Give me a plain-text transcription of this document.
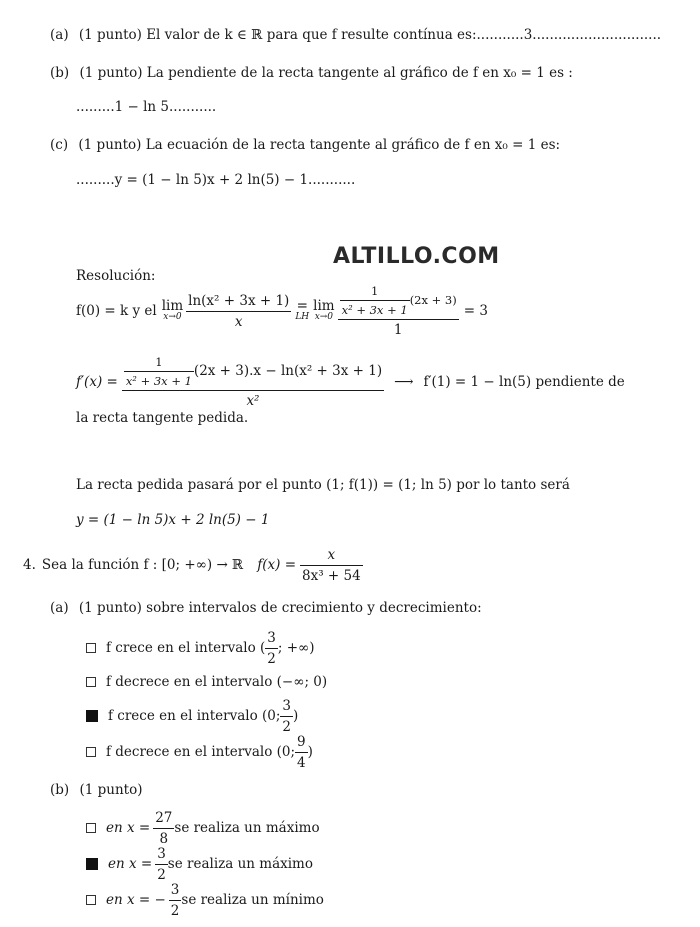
(a) (1 punto) El valor de k ∈ ℝ para que f resulte contínua es:...........3..............................
(b) (1 punto) La pendiente de la recta tangente al gráfico de f en x₀ = 1 es :
.........1 − ln 5...........
(c) (1 punto) La ecuación de la recta tangente al gráfico de f en x₀ = 1 es:
.........y = (1 − ln 5)x + 2 ln(5) − 1...........
ALTILLO.COM
Resolución:
f(0) = k y el lim
$x\to 0 \frac{\text{ln(x² + 3x + 1)}}{x}$ =
LH
lim
$x\to 0 \frac{\frac{1}{\text{x² + 3x + 1}} (2x + 3)}{1} = 3$
$f'(x) = \frac{\frac{1}{\text{x² + 3x + 1}} (2x + 3).x - \ln(x^2 + 3x + 1)}{\text{x²}}$ ⟶ f′(1) = 1 − ln(5) pendiente de
la recta tangente pedida.
La recta pedida pasará por el punto (1; f(1)) = (1; ln 5) por lo tanto será
y = (1 − ln 5)x + 2 ln(5) − 1
4. Sea la función f : [0; +∞) → ℝ $f(x) = \frac{x}{\text{8x³ + 54}}$
(a) (1 punto) sobre intervalos de crecimiento y decrecimiento:
f crece en el intervalo ( $\frac{3}{2}$ ; +∞)
f decrece en el intervalo (−∞; 0)
f crece en el intervalo (0; $\frac{3}{2}$ )
f decrece en el intervalo (0; $\frac{9}{4}$ )
(b) (1 punto)
en $x = \frac{27}{8}$ se realiza un máximo
en $x = \frac{3}{2}$ se realiza un máximo
en x = − $\frac{3}{2}$ se realiza un mínimo
